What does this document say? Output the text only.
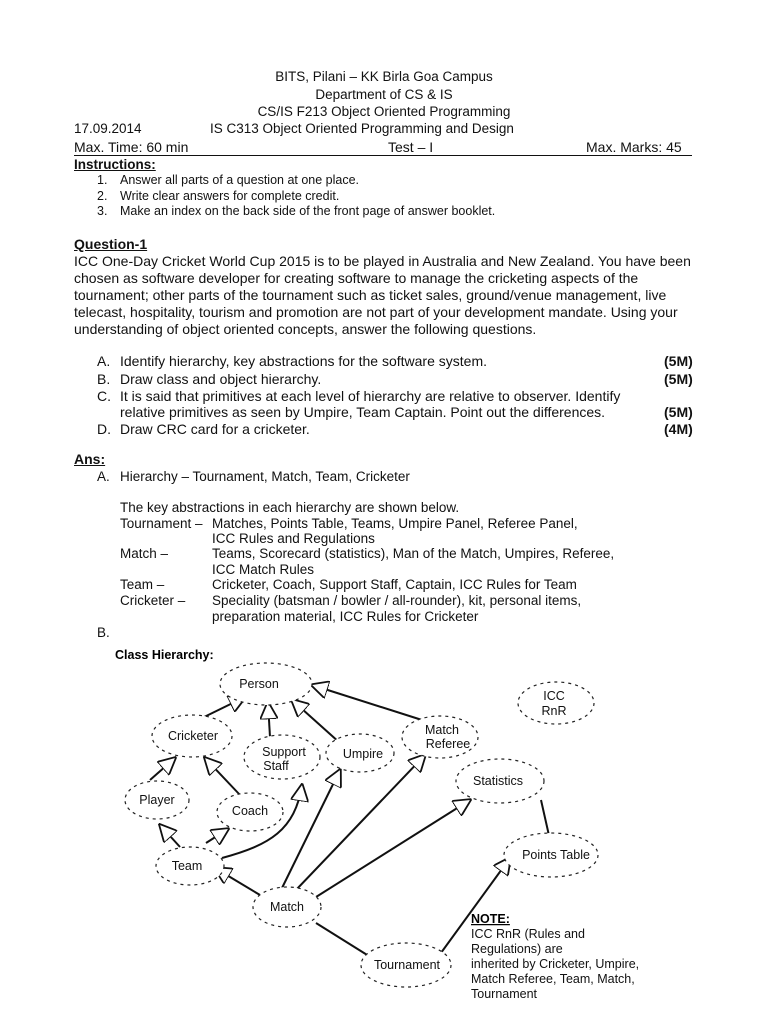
BITS, Pilani – KK Birla Goa Campus
Department of CS & IS
CS/IS F213 Object Oriented Programming
17.09.2014	IS C313 Object Oriented Programming and Design
Max. Time: 60 min	Test – I	Max. Marks: 45
Instructions:
1. Answer all parts of a question at one place.
2. Write clear answers for complete credit.
3. Make an index on the back side of the front page of answer booklet.
Question-1
ICC One-Day Cricket World Cup 2015 is to be played in Australia and New Zealand. You have been chosen as software developer for creating software to manage the cricketing aspects of the tournament; other parts of the tournament such as ticket sales, ground/venue management, live telecast, hospitality, tourism and promotion are not part of your development mandate. Using your understanding of object oriented concepts, answer the following questions.
A. Identify hierarchy, key abstractions for the software system.	(5M)
B. Draw class and object hierarchy.	(5M)
C. It is said that primitives at each level of hierarchy are relative to observer. Identify
relative primitives as seen by Umpire, Team Captain. Point out the differences.	(5M)
D. Draw CRC card for a cricketer.	(4M)
Ans:
A. Hierarchy – Tournament, Match, Team, Cricketer
The key abstractions in each hierarchy are shown below.
Tournament – Matches, Points Table, Teams, Umpire Panel, Referee Panel,
ICC Rules and Regulations
Match –	Teams, Scorecard (statistics), Man of the Match, Umpires, Referee,
ICC Match Rules
Team –	Cricketer, Coach, Support Staff, Captain, ICC Rules for Team
Cricketer – Speciality (batsman / bowler / all-rounder), kit, personal items,
preparation material, ICC Rules for Cricketer
B.
Class Hierarchy:
Person
ICC
RnR
Cricketer
Support
Staff
Umpire
Match
Referee
Statistics
Player
Coach
Points Table
Team
Match
Tournament
NOTE:
ICC RnR (Rules and
Regulations) are
inherited by Cricketer, Umpire,
Match Referee, Team, Match,
Tournament
